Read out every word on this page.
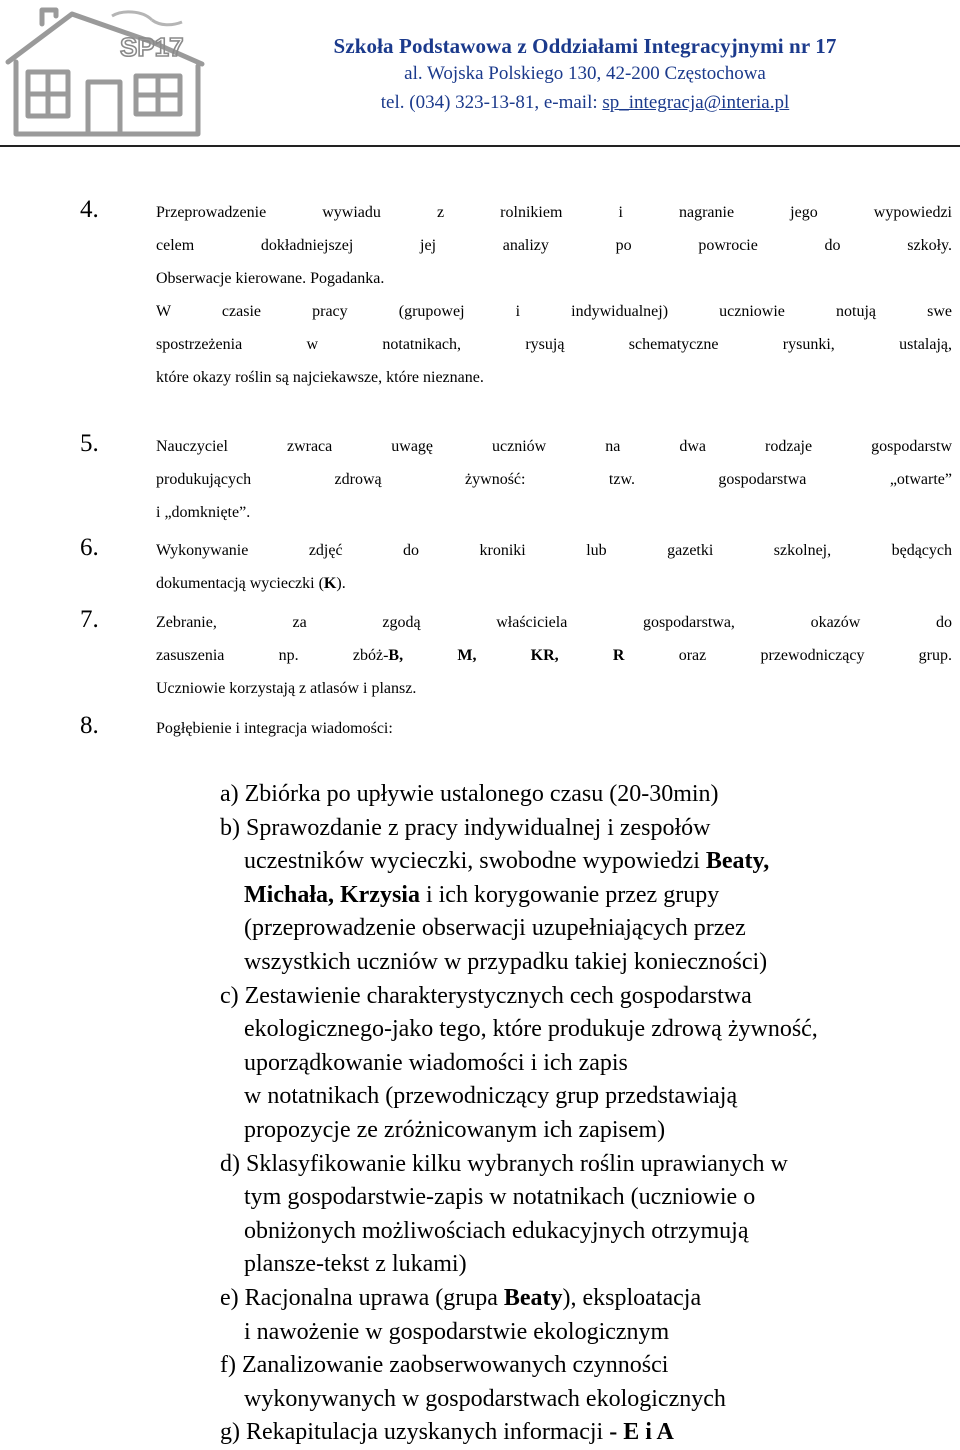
SP17	Szkoła Podstawowa z Oddziałami Integracyjnymi nr 17
al. Wojska Polskiego 130, 42-200 Częstochowa
tel. (034) 323-13-81, e-mail: sp_integracja@interia.pl
4.	Przeprowadzenie wywiadu z rolnikiem i nagranie jego wypowiedzi
celem dokładniejszej jej analizy po powrocie do szkoły.
Obserwacje kierowane. Pogadanka.
W czasie pracy (grupowej i indywidualnej) uczniowie notują swe
spostrzeżenia w notatnikach, rysują schematyczne rysunki, ustalają,
które okazy roślin są najciekawsze, które nieznane.
5.	Nauczyciel zwraca uwagę uczniów na dwa rodzaje gospodarstw
produkujących zdrową żywność: tzw. gospodarstwa „otwarte”
i „domknięte”.
6.	Wykonywanie zdjęć do kroniki lub gazetki szkolnej, będących
dokumentacją wycieczki (K).
7.	Zebranie, za zgodą właściciela gospodarstwa, okazów do
zasuszenia np. zbóż-B, M, KR, R oraz przewodniczący grup.
Uczniowie korzystają z atlasów i plansz.
8.	Pogłębienie i integracja wiadomości:
a) Zbiórka po upływie ustalonego czasu (20-30min)
b) Sprawozdanie z pracy indywidualnej i zespołów
uczestników wycieczki, swobodne wypowiedzi Beaty,
Michała, Krzysia i ich korygowanie przez grupy
(przeprowadzenie obserwacji uzupełniających przez
wszystkich uczniów w przypadku takiej konieczności)
c) Zestawienie charakterystycznych cech gospodarstwa
ekologicznego-jako tego, które produkuje zdrową żywność,
uporządkowanie wiadomości i ich zapis
w notatnikach (przewodniczący grup przedstawiają
propozycje ze zróżnicowanym ich zapisem)
d) Sklasyfikowanie kilku wybranych roślin uprawianych w
tym gospodarstwie-zapis w notatnikach (uczniowie o
obniżonych możliwościach edukacyjnych otrzymują
plansze-tekst z lukami)
e) Racjonalna uprawa (grupa Beaty), eksploatacja
i nawożenie w gospodarstwie ekologicznym
f) Zanalizowanie zaobserwowanych czynności
wykonywanych w gospodarstwach ekologicznych
g) Rekapitulacja uzyskanych informacji - E i A
